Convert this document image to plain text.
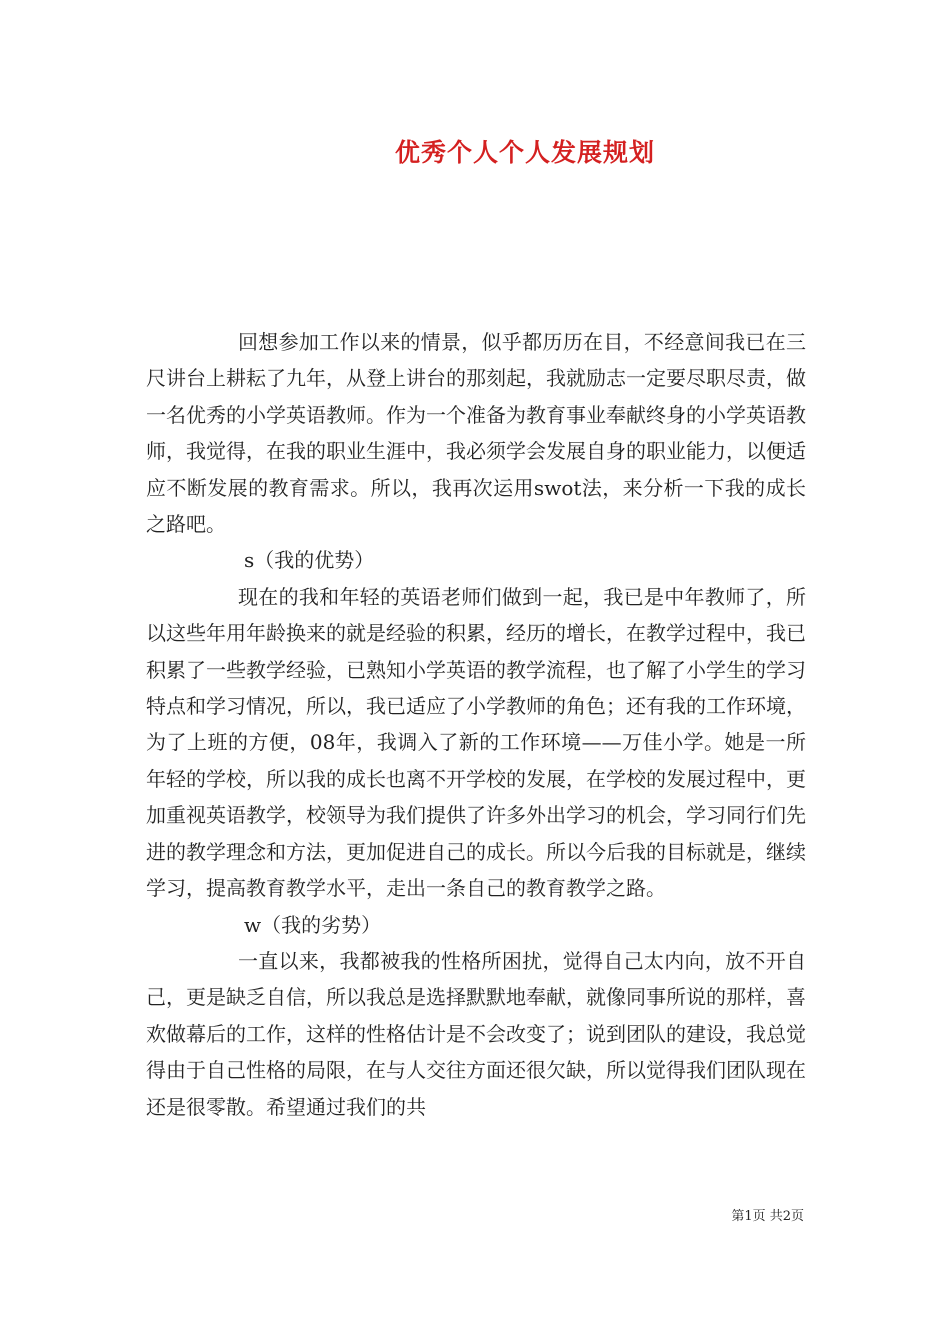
优秀个人个人发展规划

回想参加工作以来的情景，似乎都历历在目，不经意间我已在三尺讲台上耕耘了九年，从登上讲台的那刻起，我就励志一定要尽职尽责，做一名优秀的小学英语教师。作为一个准备为教育事业奉献终身的小学英语教师，我觉得，在我的职业生涯中，我必须学会发展自身的职业能力，以便适应不断发展的教育需求。所以，我再次运用swot法，来分析一下我的成长之路吧。

s（我的优势）

现在的我和年轻的英语老师们做到一起，我已是中年教师了，所以这些年用年龄换来的就是经验的积累，经历的增长，在教学过程中，我已积累了一些教学经验，已熟知小学英语的教学流程，也了解了小学生的学习特点和学习情况，所以，我已适应了小学教师的角色；还有我的工作环境，为了上班的方便，08年，我调入了新的工作环境——万佳小学。她是一所年轻的学校，所以我的成长也离不开学校的发展，在学校的发展过程中，更加重视英语教学，校领导为我们提供了许多外出学习的机会，学习同行们先进的教学理念和方法，更加促进自己的成长。所以今后我的目标就是，继续学习，提高教育教学水平，走出一条自己的教育教学之路。

w（我的劣势）

一直以来，我都被我的性格所困扰，觉得自己太内向，放不开自己，更是缺乏自信，所以我总是选择默默地奉献，就像同事所说的那样，喜欢做幕后的工作，这样的性格估计是不会改变了；说到团队的建设，我总觉得由于自己性格的局限，在与人交往方面还很欠缺，所以觉得我们团队现在还是很零散。希望通过我们的共

第1页 共2页
